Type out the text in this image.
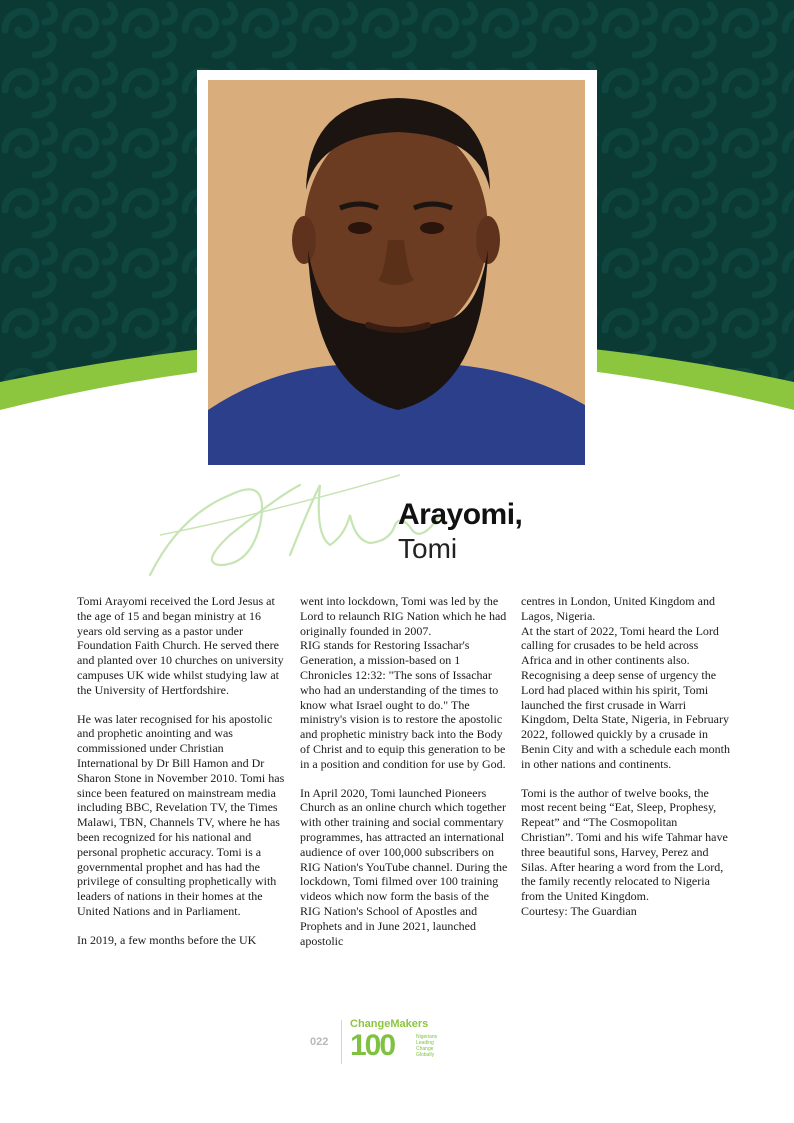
Arayomi,
Tomi

Tomi Arayomi received the Lord Jesus at the age of 15 and began ministry at 16 years old serving as a pastor under Foundation Faith Church. He served there and planted over 10 churches on university campuses UK wide whilst studying law at the University of Hertfordshire.

He was later recognised for his apostolic and prophetic anointing and was commissioned under Christian International by Dr Bill Hamon and Dr Sharon Stone in November 2010. Tomi has since been featured on mainstream media including BBC, Revelation TV, the Times Malawi, TBN, Channels TV, where he has been recognized for his national and personal prophetic accuracy. Tomi is a governmental prophet and has had the privilege of consulting prophetically with leaders of nations in their homes at the United Nations and in Parliament.

In 2019, a few months before the UK

went into lockdown, Tomi was led by the Lord to relaunch RIG Nation which he had originally founded in 2007.

RIG stands for Restoring Issachar's Generation, a mission-based on 1 Chronicles 12:32: "The sons of Issachar who had an understanding of the times to know what Israel ought to do." The ministry's vision is to restore the apostolic and prophetic ministry back into the Body of Christ and to equip this generation to be in a position and condition for use by God.

In April 2020, Tomi launched Pioneers Church as an online church which together with other training and social commentary programmes, has attracted an international audience of over 100,000 subscribers on RIG Nation's YouTube channel. During the lockdown, Tomi filmed over 100 training videos which now form the basis of the RIG Nation's School of Apostles and Prophets and in June 2021, launched apostolic

centres in London, United Kingdom and Lagos, Nigeria.

At the start of 2022, Tomi heard the Lord calling for crusades to be held across Africa and in other continents also. Recognising a deep sense of urgency the Lord had placed within his spirit, Tomi launched the first crusade in Warri Kingdom, Delta State, Nigeria, in February 2022, followed quickly by a crusade in Benin City and with a schedule each month in other nations and continents.

Tomi is the author of twelve books, the most recent being “Eat, Sleep, Prophesy, Repeat” and “The Cosmopolitan Christian”. Tomi and his wife Tahmar have three beautiful sons, Harvey, Perez and Silas. After hearing a word from the Lord, the family recently relocated to Nigeria from the United Kingdom.

Courtesy: The Guardian

022
ChangeMakers
100	Nigerians Leading Change Globally
